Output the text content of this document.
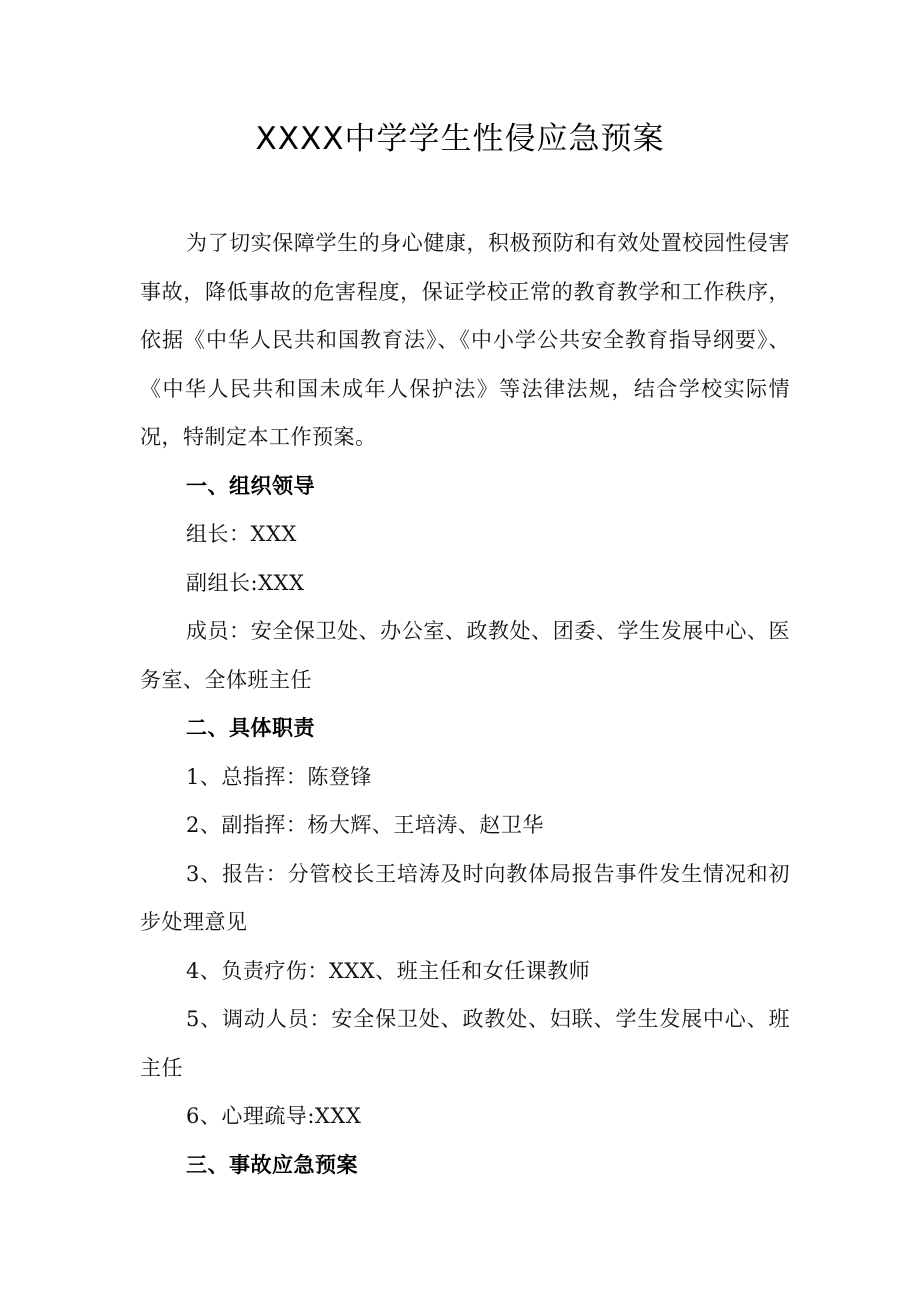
XXXX中学学生性侵应急预案

为了切实保障学生的身心健康，积极预防和有效处置校园性侵害事故，降低事故的危害程度，保证学校正常的教育教学和工作秩序，依据《中华人民共和国教育法》、《中小学公共安全教育指导纲要》、《中华人民共和国未成年人保护法》等法律法规，结合学校实际情况，特制定本工作预案。

一、组织领导

组长：XXX

副组长:XXX

成员：安全保卫处、办公室、政教处、团委、学生发展中心、医务室、全体班主任

二、具体职责

1、总指挥：陈登锋

2、副指挥：杨大辉、王培涛、赵卫华

3、报告：分管校长王培涛及时向教体局报告事件发生情况和初步处理意见

4、负责疗伤：XXX、班主任和女任课教师

5、调动人员：安全保卫处、政教处、妇联、学生发展中心、班主任

6、心理疏导:XXX

三、事故应急预案
